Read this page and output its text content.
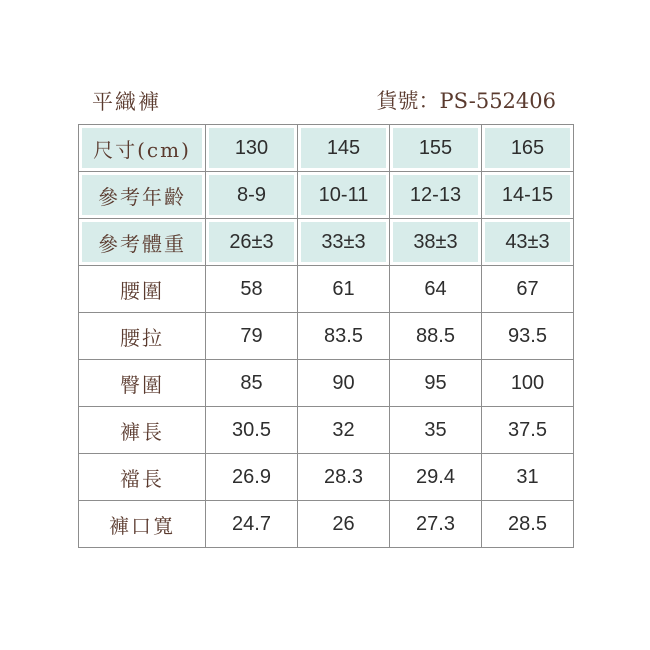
平織褲	貨號：PS-552406
尺寸(cm)	130	145	155	165
參考年齡	8-9	10-11	12-13	14-15
參考體重	26±3	33±3	38±3	43±3
腰圍	58	61	64	67
腰拉	79	83.5	88.5	93.5
臀圍	85	90	95	100
褲長	30.5	32	35	37.5
襠長	26.9	28.3	29.4	31
褲口寬	24.7	26	27.3	28.5
